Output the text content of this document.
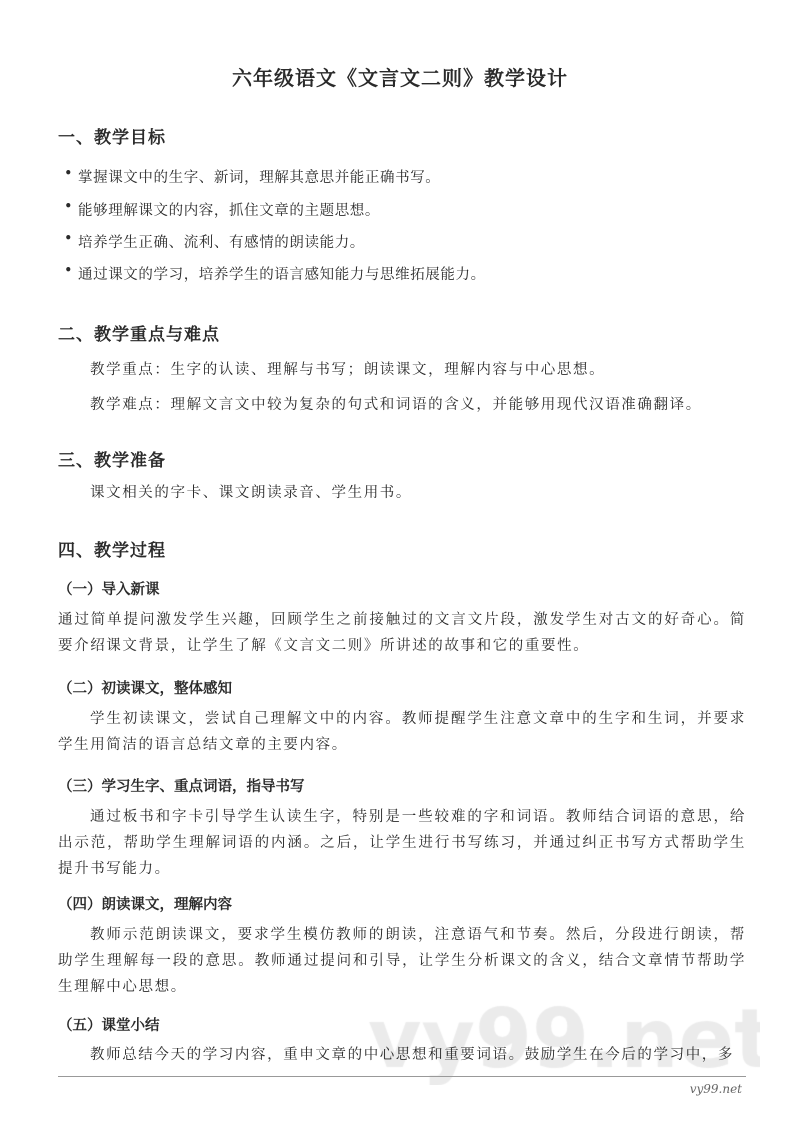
六年级语文《文言文二则》教学设计
一、教学目标
• 掌握课文中的生字、新词，理解其意思并能正确书写。
• 能够理解课文的内容，抓住文章的主题思想。
• 培养学生正确、流利、有感情的朗读能力。
• 通过课文的学习，培养学生的语言感知能力与思维拓展能力。
二、教学重点与难点
教学重点：生字的认读、理解与书写；朗读课文，理解内容与中心思想。
教学难点：理解文言文中较为复杂的句式和词语的含义，并能够用现代汉语准确翻译。
三、教学准备
课文相关的字卡、课文朗读录音、学生用书。
四、教学过程
（一）导入新课
通过简单提问激发学生兴趣，回顾学生之前接触过的文言文片段，激发学生对古文的好奇心。简要介绍课文背景，让学生了解《文言文二则》所讲述的故事和它的重要性。
（二）初读课文，整体感知
学生初读课文，尝试自己理解文中的内容。教师提醒学生注意文章中的生字和生词，并要求学生用简洁的语言总结文章的主要内容。
（三）学习生字、重点词语，指导书写
通过板书和字卡引导学生认读生字，特别是一些较难的字和词语。教师结合词语的意思，给出示范，帮助学生理解词语的内涵。之后，让学生进行书写练习，并通过纠正书写方式帮助学生提升书写能力。
（四）朗读课文，理解内容
教师示范朗读课文，要求学生模仿教师的朗读，注意语气和节奏。然后，分段进行朗读，帮助学生理解每一段的意思。教师通过提问和引导，让学生分析课文的含义，结合文章情节帮助学生理解中心思想。
（五）课堂小结
教师总结今天的学习内容，重申文章的中心思想和重要词语。鼓励学生在今后的学习中，多
vy99.net
